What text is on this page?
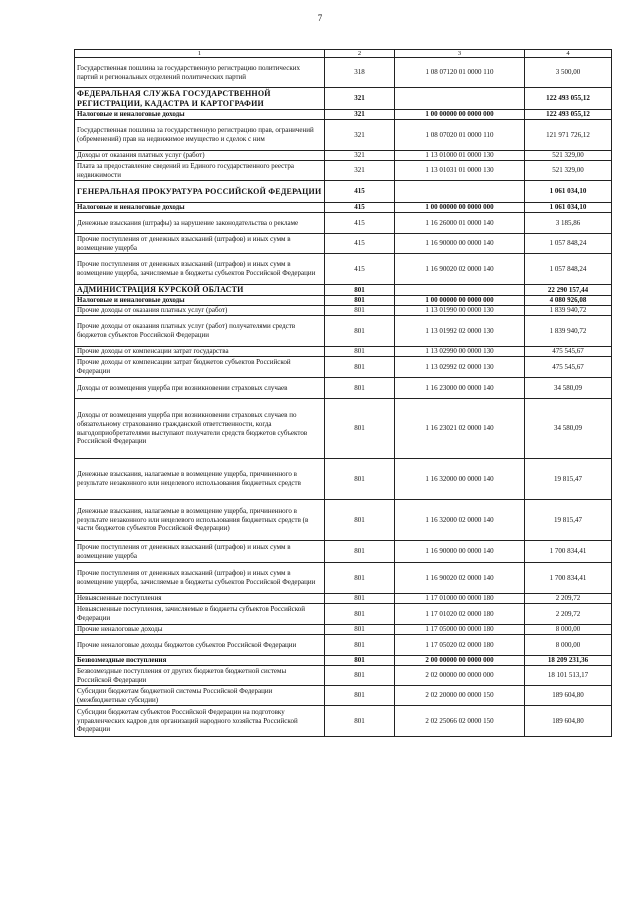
7
1	2	3	4
Государственная пошлина за государственную регистрацию политических партий и региональных отделений политических партий	318	1 08 07120 01 0000 110	3 500,00
ФЕДЕРАЛЬНАЯ СЛУЖБА ГОСУДАРСТВЕННОЙ РЕГИСТРАЦИИ, КАДАСТРА И КАРТОГРАФИИ	321		122 493 055,12
Налоговые и неналоговые доходы	321	1 00 00000 00 0000 000	122 493 055,12
Государственная пошлина за государственную регистрацию прав, ограничений (обременений) прав на недвижимое имущество и сделок с ним	321	1 08 07020 01 0000 110	121 971 726,12
Доходы от оказания платных услуг (работ)	321	1 13 01000 01 0000 130	521 329,00
Плата за предоставление сведений из Единого государственного реестра недвижимости	321	1 13 01031 01 0000 130	521 329,00
ГЕНЕРАЛЬНАЯ ПРОКУРАТУРА РОССИЙСКОЙ ФЕДЕРАЦИИ	415		1 061 034,10
Налоговые и неналоговые доходы	415	1 00 00000 00 0000 000	1 061 034,10
Денежные взыскания (штрафы) за нарушение законодательства о рекламе	415	1 16 26000 01 0000 140	3 185,86
Прочие поступления от денежных взысканий (штрафов) и иных сумм в возмещение ущерба	415	1 16 90000 00 0000 140	1 057 848,24
Прочие поступления от денежных взысканий (штрафов) и иных сумм в возмещение ущерба, зачисляемые в бюджеты субъектов Российской Федерации	415	1 16 90020 02 0000 140	1 057 848,24
АДМИНИСТРАЦИЯ КУРСКОЙ ОБЛАСТИ	801		22 290 157,44
Налоговые и неналоговые доходы	801	1 00 00000 00 0000 000	4 080 926,08
Прочие доходы от оказания платных услуг (работ)	801	1 13 01990 00 0000 130	1 839 940,72
Прочие доходы от оказания платных услуг (работ) получателями средств бюджетов субъектов Российской Федерации	801	1 13 01992 02 0000 130	1 839 940,72
Прочие доходы от компенсации затрат государства	801	1 13 02990 00 0000 130	475 545,67
Прочие доходы от компенсации затрат бюджетов субъектов Российской Федерации	801	1 13 02992 02 0000 130	475 545,67
Доходы от возмещения ущерба при возникновении страховых случаев	801	1 16 23000 00 0000 140	34 580,09
Доходы от возмещения ущерба при возникновении страховых случаев по обязательному страхованию гражданской ответственности, когда выгодоприобретателями выступают получатели средств бюджетов субъектов Российской Федерации	801	1 16 23021 02 0000 140	34 580,09
Денежные взыскания, налагаемые в возмещение ущерба, причиненного в результате незаконного или нецелевого использования бюджетных средств	801	1 16 32000 00 0000 140	19 815,47
Денежные взыскания, налагаемые в возмещение ущерба, причиненного в результате незаконного или нецелевого использования бюджетных средств (в части бюджетов субъектов Российской Федерации)	801	1 16 32000 02 0000 140	19 815,47
Прочие поступления от денежных взысканий (штрафов) и иных сумм в возмещение ущерба	801	1 16 90000 00 0000 140	1 700 834,41
Прочие поступления от денежных взысканий (штрафов) и иных сумм в возмещение ущерба, зачисляемые в бюджеты субъектов Российской Федерации	801	1 16 90020 02 0000 140	1 700 834,41
Невыясненные поступления	801	1 17 01000 00 0000 180	2 209,72
Невыясненные поступления, зачисляемые в бюджеты субъектов Российской Федерации	801	1 17 01020 02 0000 180	2 209,72
Прочие неналоговые доходы	801	1 17 05000 00 0000 180	8 000,00
Прочие неналоговые доходы бюджетов субъектов Российской Федерации	801	1 17 05020 02 0000 180	8 000,00
Безвозмездные поступления	801	2 00 00000 00 0000 000	18 209 231,36
Безвозмездные поступления от других бюджетов бюджетной системы Российской Федерации	801	2 02 00000 00 0000 000	18 101 513,17
Субсидии бюджетам бюджетной системы Российской Федерации (межбюджетные субсидии)	801	2 02 20000 00 0000 150	189 604,80
Субсидии бюджетам субъектов Российской Федерации на подготовку управленческих кадров для организаций народного хозяйства Российской Федерации	801	2 02 25066 02 0000 150	189 604,80
